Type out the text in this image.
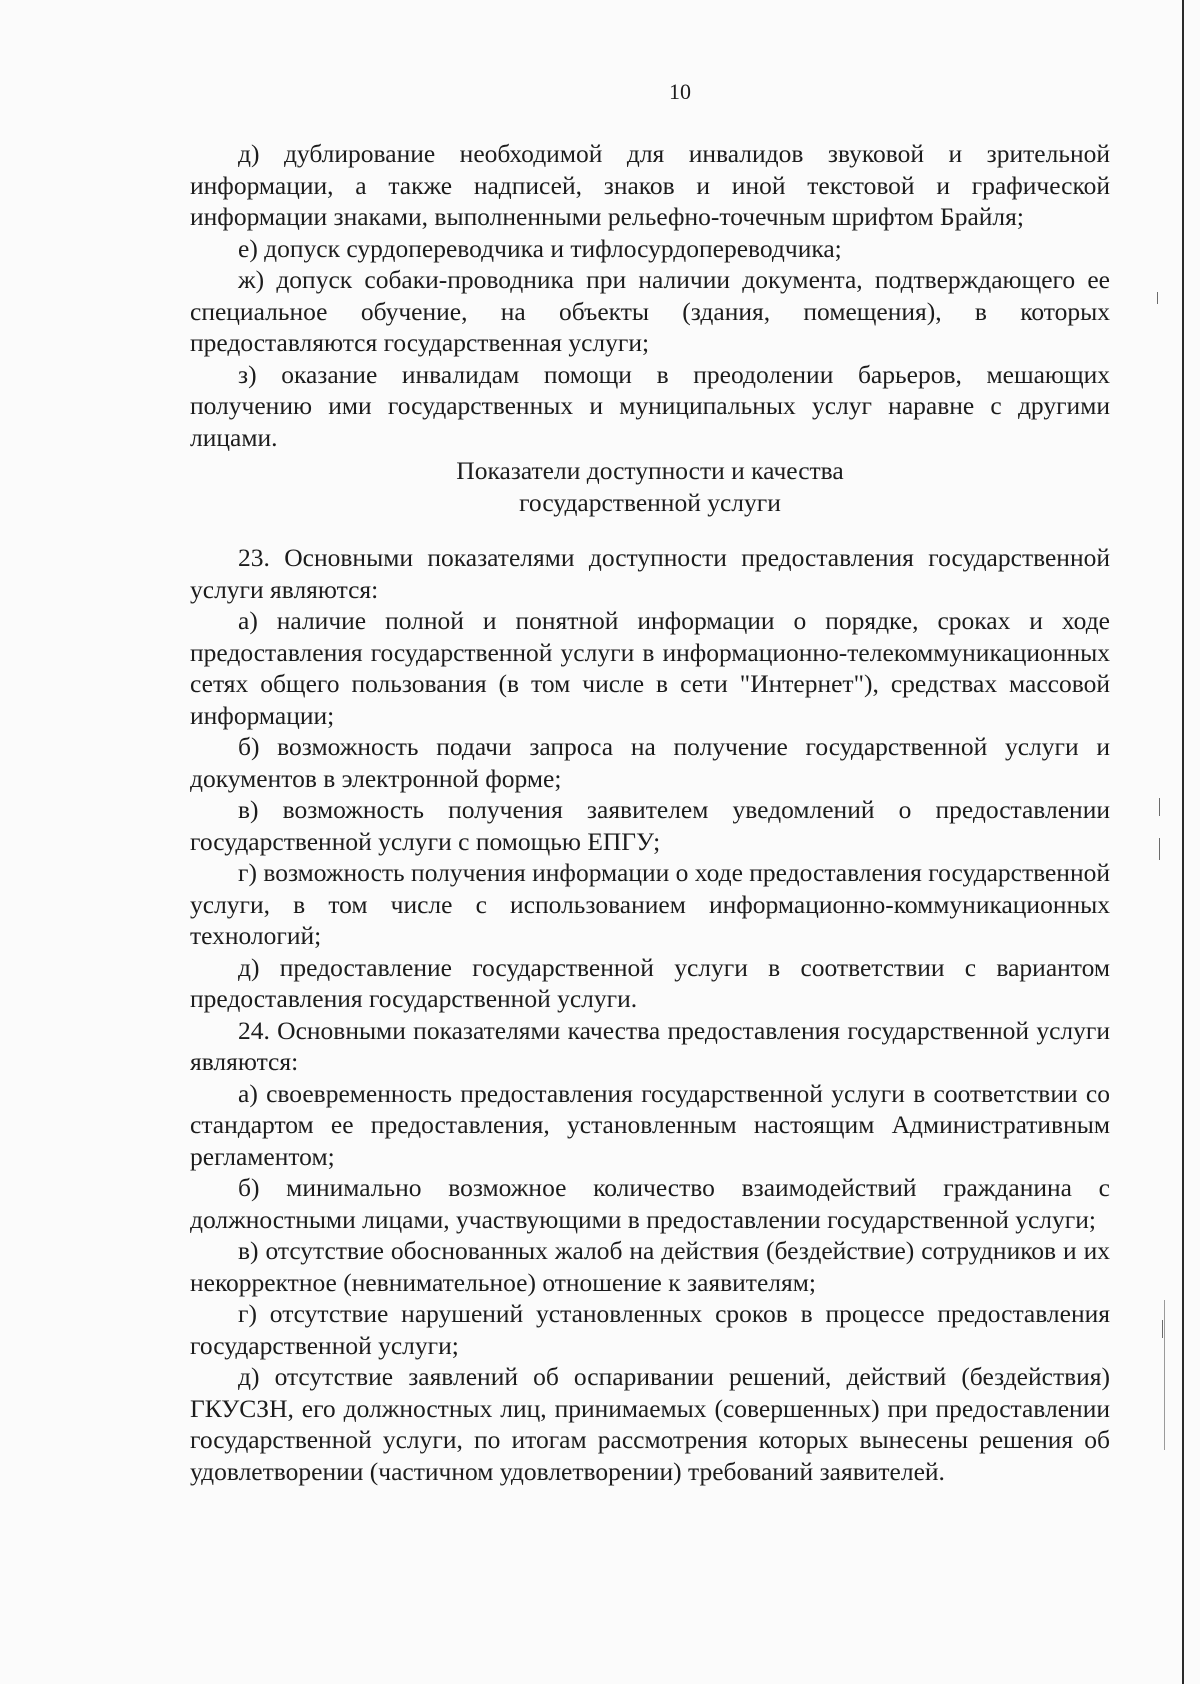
10

д) дублирование необходимой для инвалидов звуковой и зрительной информации, а также надписей, знаков и иной текстовой и графической информации знаками, выполненными рельефно-точечным шрифтом Брайля;

е) допуск сурдопереводчика и тифлосурдопереводчика;

ж) допуск собаки-проводника при наличии документа, подтверждающего ее специальное обучение, на объекты (здания, помещения), в которых предоставляются государственная услуги;

з) оказание инвалидам помощи в преодолении барьеров, мешающих получению ими государственных и муниципальных услуг наравне с другими лицами.

Показатели доступности и качества
государственной услуги

23. Основными показателями доступности предоставления государственной услуги являются:

а) наличие полной и понятной информации о порядке, сроках и ходе предоставления государственной услуги в информационно-телекоммуникационных сетях общего пользования (в том числе в сети "Интернет"), средствах массовой информации;

б) возможность подачи запроса на получение государственной услуги и документов в электронной форме;

в) возможность получения заявителем уведомлений о предоставлении государственной услуги с помощью ЕПГУ;

г) возможность получения информации о ходе предоставления государственной услуги, в том числе с использованием информационно-коммуникационных технологий;

д) предоставление государственной услуги в соответствии с вариантом предоставления государственной услуги.

24. Основными показателями качества предоставления государственной услуги являются:

а) своевременность предоставления государственной услуги в соответствии со стандартом ее предоставления, установленным настоящим Административным регламентом;

б) минимально возможное количество взаимодействий гражданина с должностными лицами, участвующими в предоставлении государственной услуги;

в) отсутствие обоснованных жалоб на действия (бездействие) сотрудников и их некорректное (невнимательное) отношение к заявителям;

г) отсутствие нарушений установленных сроков в процессе предоставления государственной услуги;

д) отсутствие заявлений об оспаривании решений, действий (бездействия) ГКУСЗН, его должностных лиц, принимаемых (совершенных) при предоставлении государственной услуги, по итогам рассмотрения которых вынесены решения об удовлетворении (частичном удовлетворении) требований заявителей.
